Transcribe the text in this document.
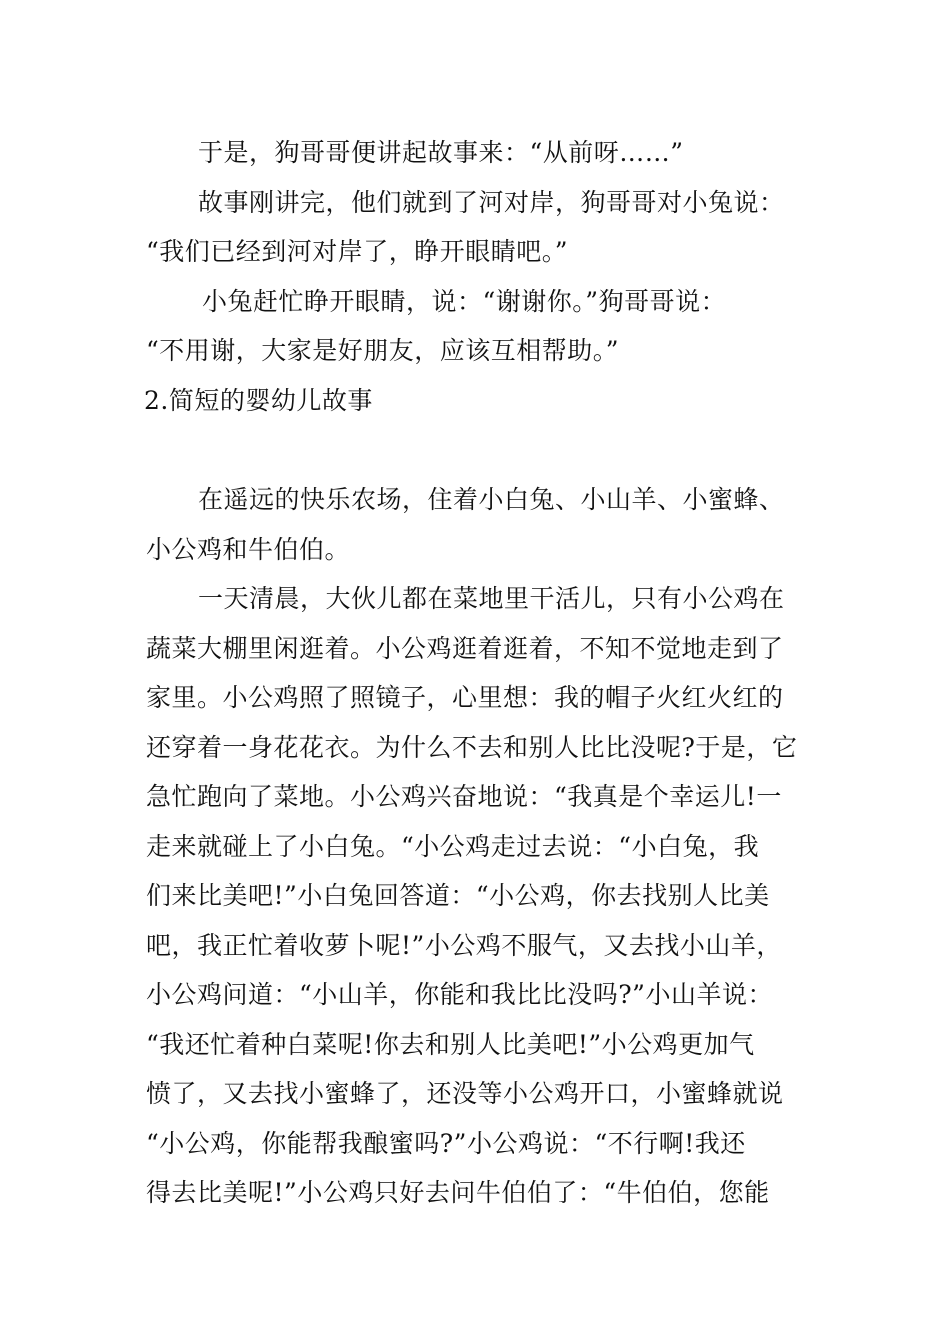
于是，狗哥哥便讲起故事来：“从前呀……”
故事刚讲完，他们就到了河对岸，狗哥哥对小兔说：
“我们已经到河对岸了，睁开眼睛吧。”
小兔赶忙睁开眼睛，说：“谢谢你。”狗哥哥说：
“不用谢，大家是好朋友，应该互相帮助。”
2.简短的婴幼儿故事
在遥远的快乐农场，住着小白兔、小山羊、小蜜蜂、
小公鸡和牛伯伯。
一天清晨，大伙儿都在菜地里干活儿，只有小公鸡在
蔬菜大棚里闲逛着。小公鸡逛着逛着，不知不觉地走到了
家里。小公鸡照了照镜子，心里想：我的帽子火红火红的
还穿着一身花花衣。为什么不去和别人比比没呢?于是，它
急忙跑向了菜地。小公鸡兴奋地说：“我真是个幸运儿!一
走来就碰上了小白兔。“小公鸡走过去说：“小白兔，我
们来比美吧!”小白兔回答道：“小公鸡，你去找别人比美
吧，我正忙着收萝卜呢!”小公鸡不服气，又去找小山羊，
小公鸡问道：“小山羊，你能和我比比没吗?”小山羊说：
“我还忙着种白菜呢!你去和别人比美吧!”小公鸡更加气
愤了，又去找小蜜蜂了，还没等小公鸡开口，小蜜蜂就说
“小公鸡，你能帮我酿蜜吗?”小公鸡说：“不行啊!我还
得去比美呢!”小公鸡只好去问牛伯伯了：“牛伯伯，您能
